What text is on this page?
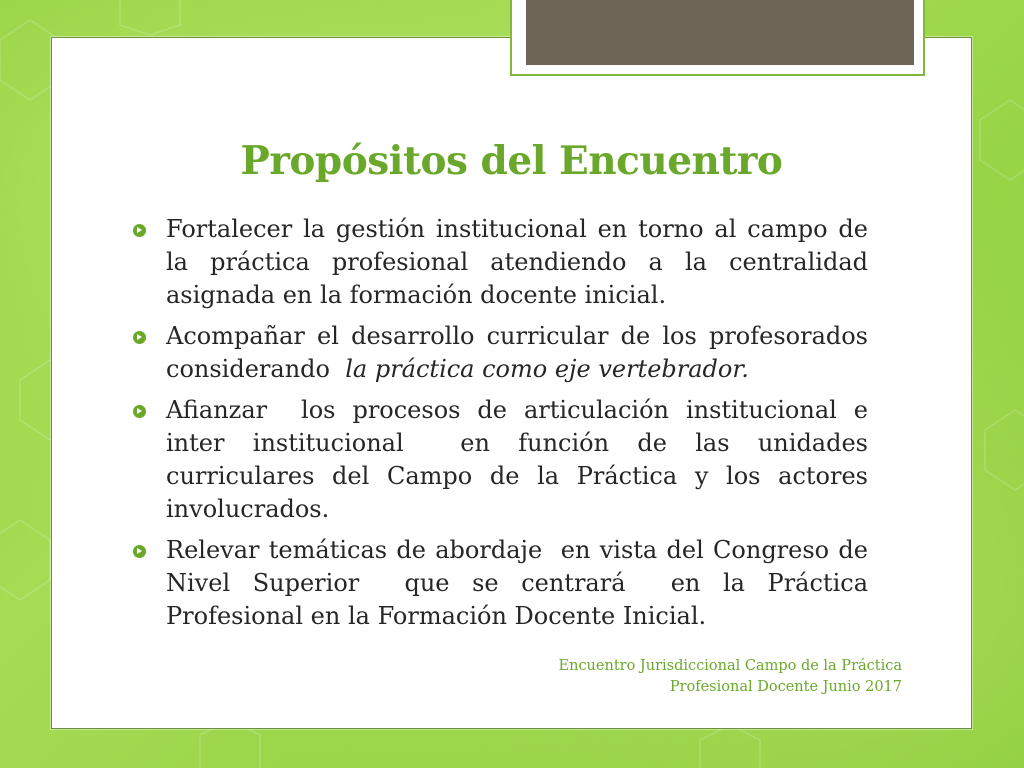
Propósitos del Encuentro
Fortalecer la gestión institucional en torno al campo de la práctica profesional atendiendo a la centralidad asignada en la formación docente inicial.
Acompañar el desarrollo curricular de los profesorados considerando  la práctica como eje vertebrador.
Afianzar  los procesos de articulación institucional e inter institucional  en función de las unidades curriculares del Campo de la Práctica y los actores involucrados.
Relevar temáticas de abordaje  en vista del Congreso de Nivel Superior  que se centrará  en la Práctica  Profesional en la Formación Docente Inicial.
Encuentro Jurisdiccional Campo de la Práctica
Profesional Docente Junio 2017
